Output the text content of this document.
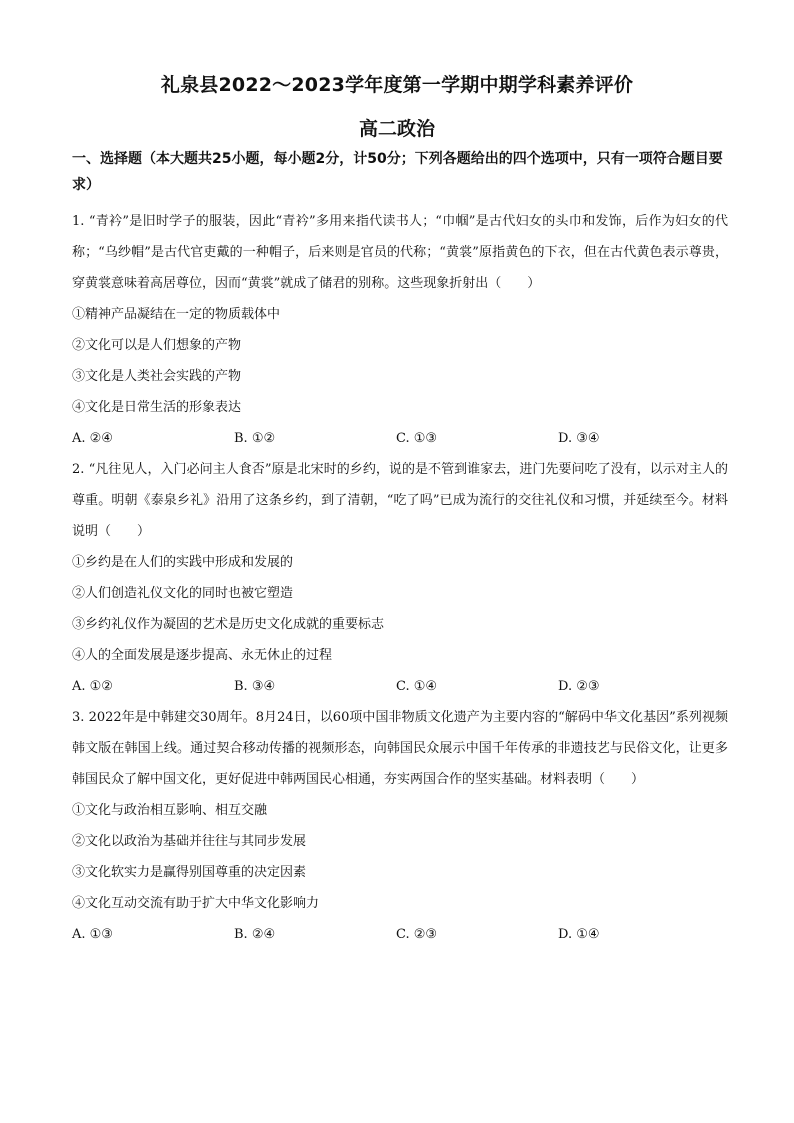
礼泉县2022～2023学年度第一学期中期学科素养评价
高二政治
一、选择题（本大题共25小题，每小题2分，计50分；下列各题给出的四个选项中，只有一项符合题目要求）

1. “青衿”是旧时学子的服装，因此“青衿”多用来指代读书人；“巾帼”是古代妇女的头巾和发饰，后作为妇女的代称；“乌纱帽”是古代官吏戴的一种帽子，后来则是官员的代称；“黄裳”原指黄色的下衣，但在古代黄色表示尊贵，穿黄裳意味着高居尊位，因而“黄裳”就成了储君的别称。这些现象折射出（　　）

①精神产品凝结在一定的物质载体中

②文化可以是人们想象的产物

③文化是人类社会实践的产物

④文化是日常生活的形象表达

A. ②④	B. ①②	C. ①③	D. ③④

2. “凡往见人，入门必问主人食否”原是北宋时的乡约，说的是不管到谁家去，进门先要问吃了没有，以示对主人的尊重。明朝《泰泉乡礼》沿用了这条乡约，到了清朝，“吃了吗”已成为流行的交往礼仪和习惯，并延续至今。材料说明（　　）

①乡约是在人们的实践中形成和发展的

②人们创造礼仪文化的同时也被它塑造

③乡约礼仪作为凝固的艺术是历史文化成就的重要标志

④人的全面发展是逐步提高、永无休止的过程

A. ①②	B. ③④	C. ①④	D. ②③

3. 2022年是中韩建交30周年。8月24日，以60项中国非物质文化遗产为主要内容的“解码中华文化基因”系列视频韩文版在韩国上线。通过契合移动传播的视频形态，向韩国民众展示中国千年传承的非遗技艺与民俗文化，让更多韩国民众了解中国文化，更好促进中韩两国民心相通，夯实两国合作的坚实基础。材料表明（　　）

①文化与政治相互影响、相互交融

②文化以政治为基础并往往与其同步发展

③文化软实力是赢得别国尊重的决定因素

④文化互动交流有助于扩大中华文化影响力

A. ①③	B. ②④	C. ②③	D. ①④
